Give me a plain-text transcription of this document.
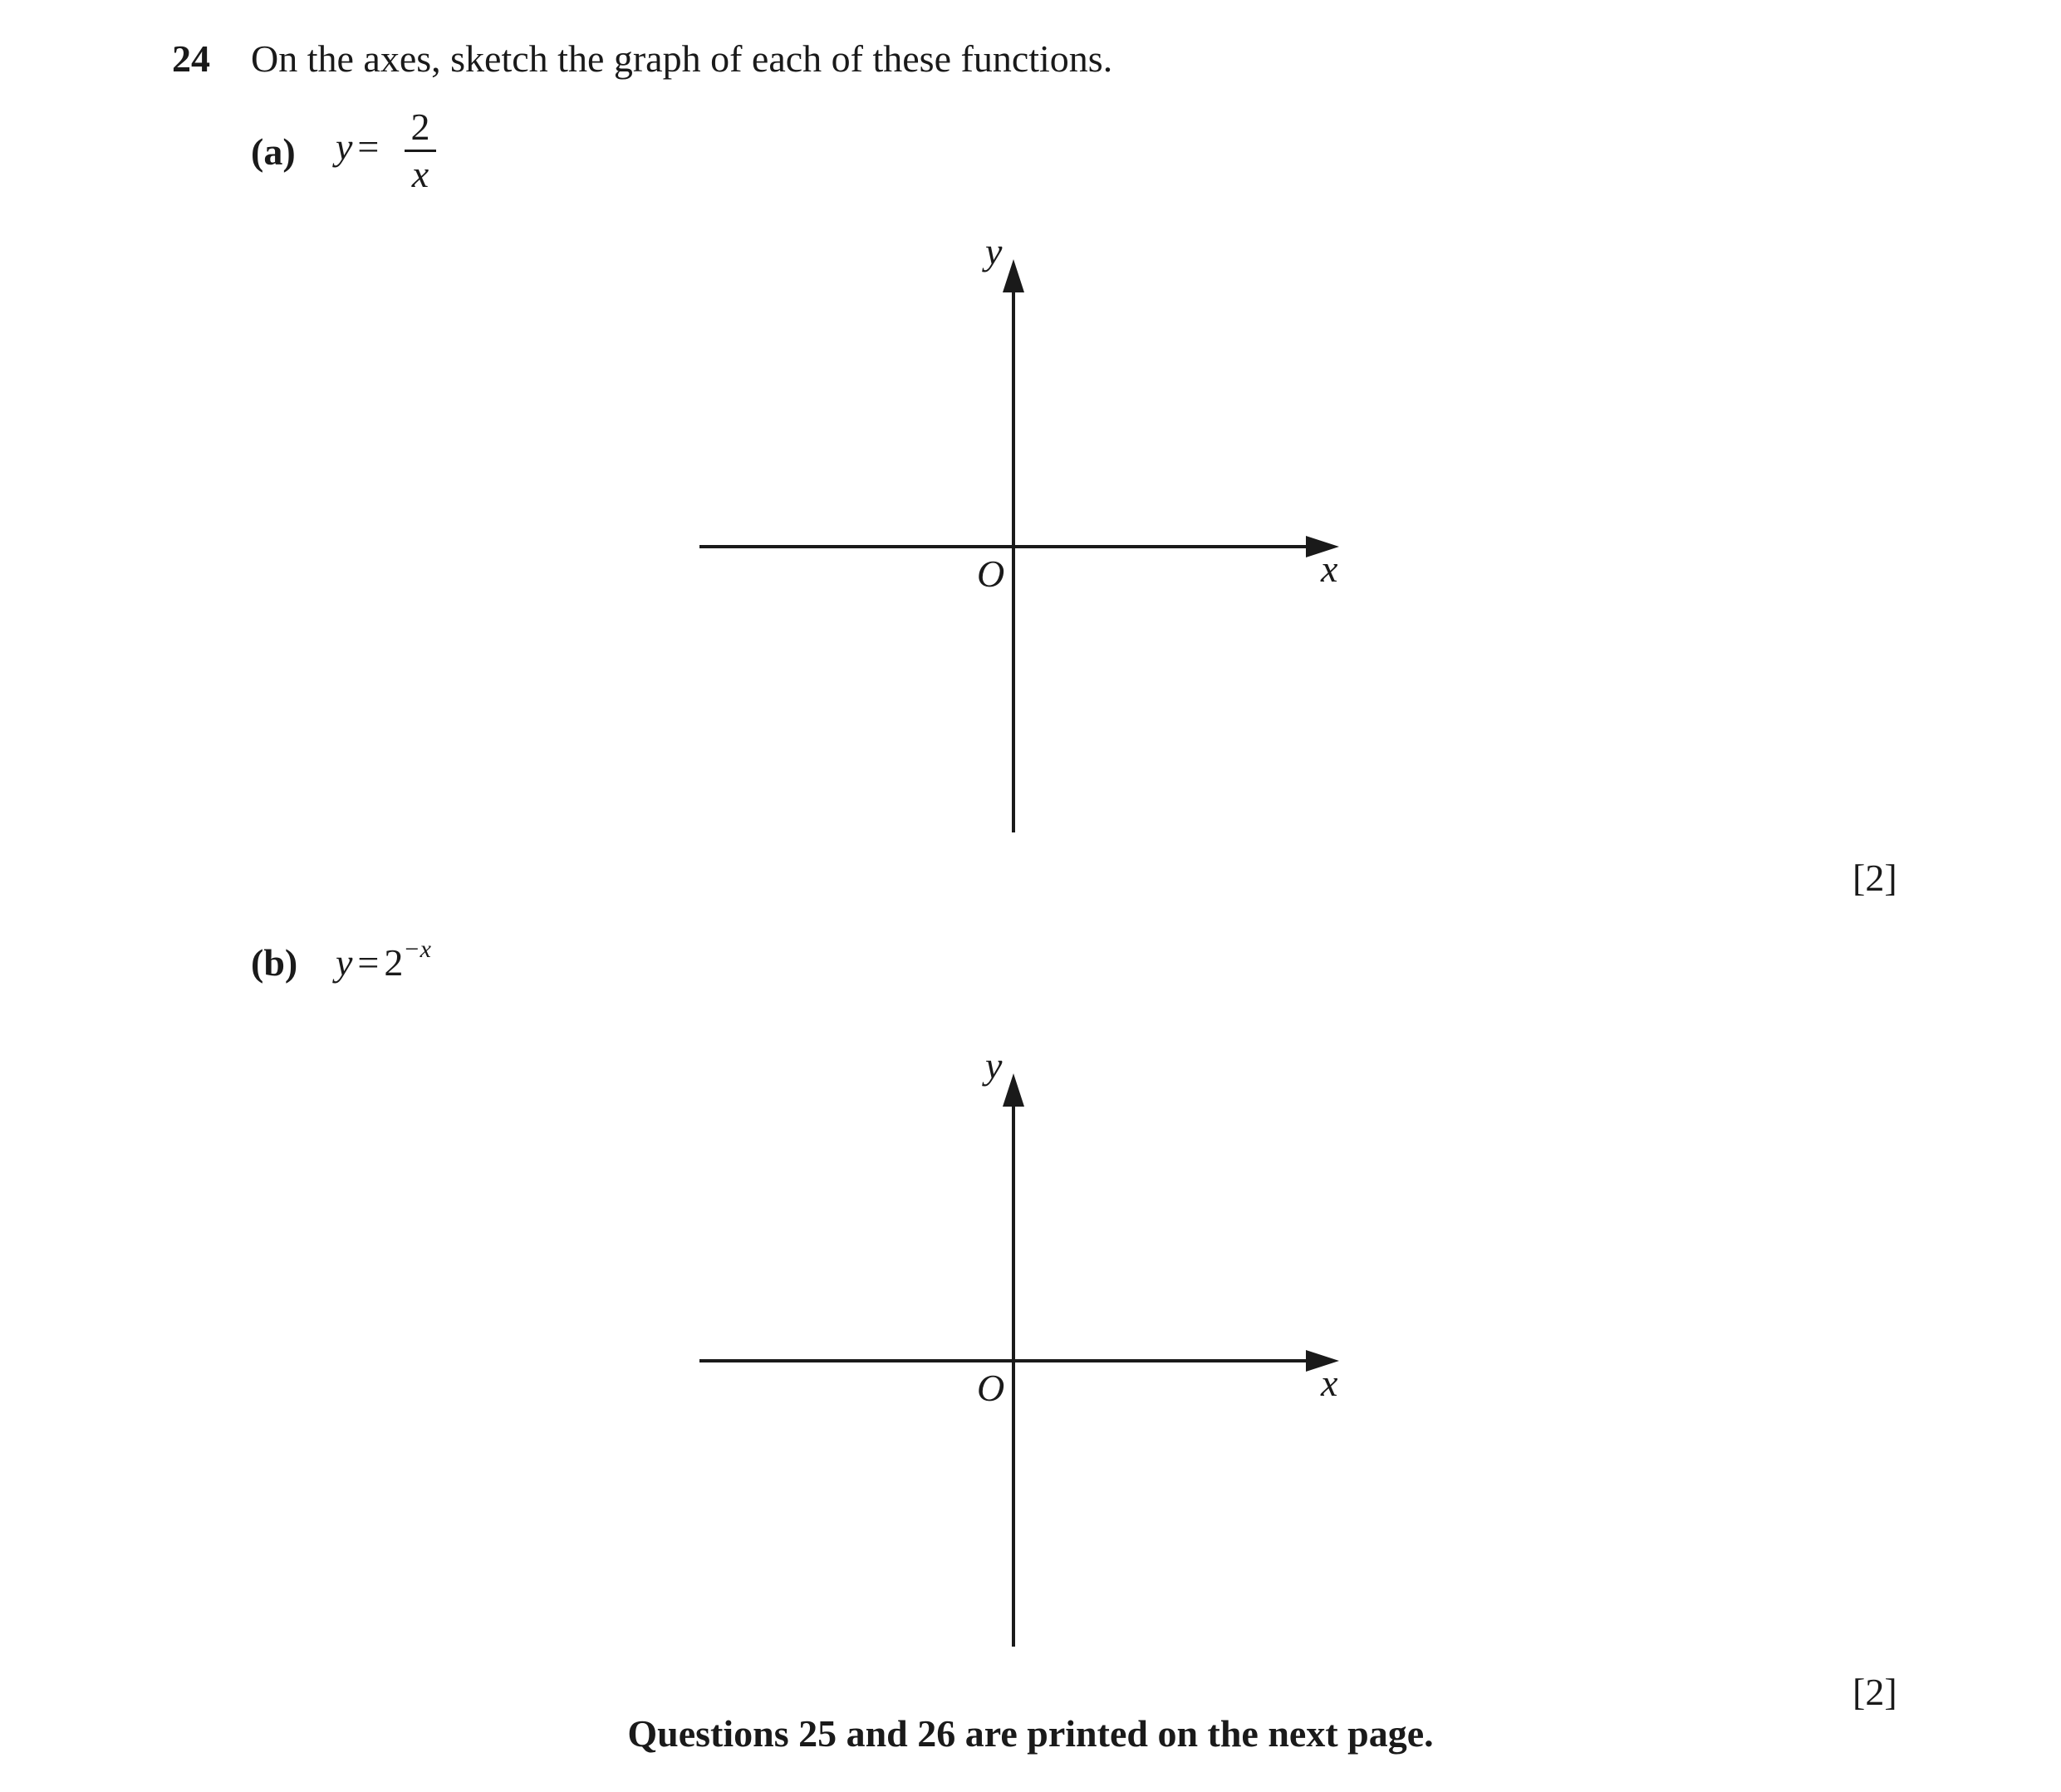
24 On the axes, sketch the graph of each of these functions.
(a) y = 2
x
y
x
O
[2]
(b) $y = 2^{-x}$
y
x
O
[2]
Questions 25 and 26 are printed on the next page.
